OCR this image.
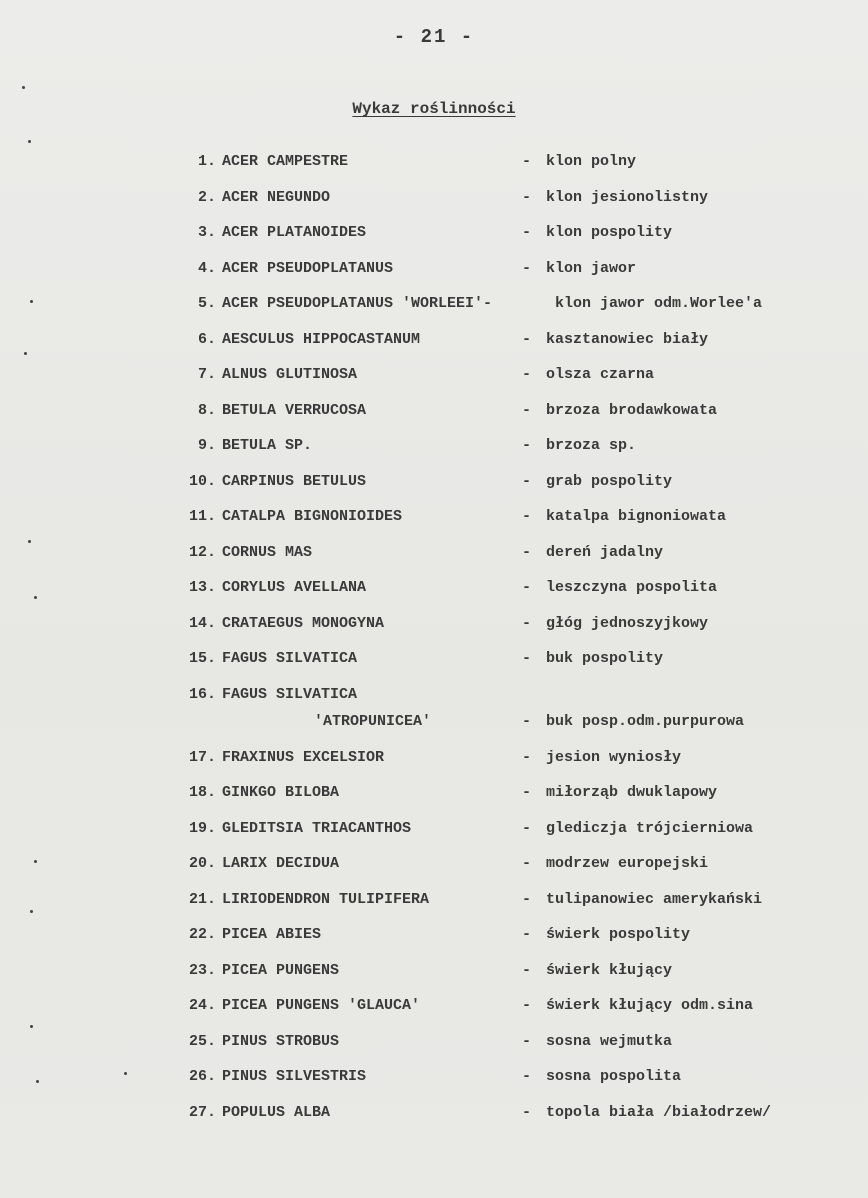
- 21 -
Wykaz roślinności
1. ACER CAMPESTRE	- klon polny
2. ACER NEGUNDO	- klon jesionolistny
3. ACER PLATANOIDES	- klon pospolity
4. ACER PSEUDOPLATANUS	- klon jawor
5. ACER PSEUDOPLATANUS 'WORLEEI'-	klon jawor odm.Worlee'a
6. AESCULUS HIPPOCASTANUM	- kasztanowiec biały
7. ALNUS GLUTINOSA	- olsza czarna
8. BETULA VERRUCOSA	- brzoza brodawkowata
9. BETULA SP.	- brzoza sp.
10. CARPINUS BETULUS	- grab pospolity
11. CATALPA BIGNONIOIDES	- katalpa bignoniowata
12. CORNUS MAS	- dereń jadalny
13. CORYLUS AVELLANA	- leszczyna pospolita
14. CRATAEGUS MONOGYNA	- głóg jednoszyjkowy
15. FAGUS SILVATICA	- buk pospolity
16. FAGUS SILVATICA
'ATROPUNICEA'	- buk posp.odm.purpurowa
17. FRAXINUS EXCELSIOR	- jesion wyniosły
18. GINKGO BILOBA	- miłorząb dwuklapowy
19. GLEDITSIA TRIACANTHOS	- glediczja trójcierniowa
20. LARIX DECIDUA	- modrzew europejski
21. LIRIODENDRON TULIPIFERA	- tulipanowiec amerykański
22. PICEA ABIES	- świerk pospolity
23. PICEA PUNGENS	- świerk kłujący
24. PICEA PUNGENS 'GLAUCA'	- świerk kłujący odm.sina
25. PINUS STROBUS	- sosna wejmutka
26. PINUS SILVESTRIS	- sosna pospolita
27. POPULUS ALBA	- topola biała /białodrzew/
